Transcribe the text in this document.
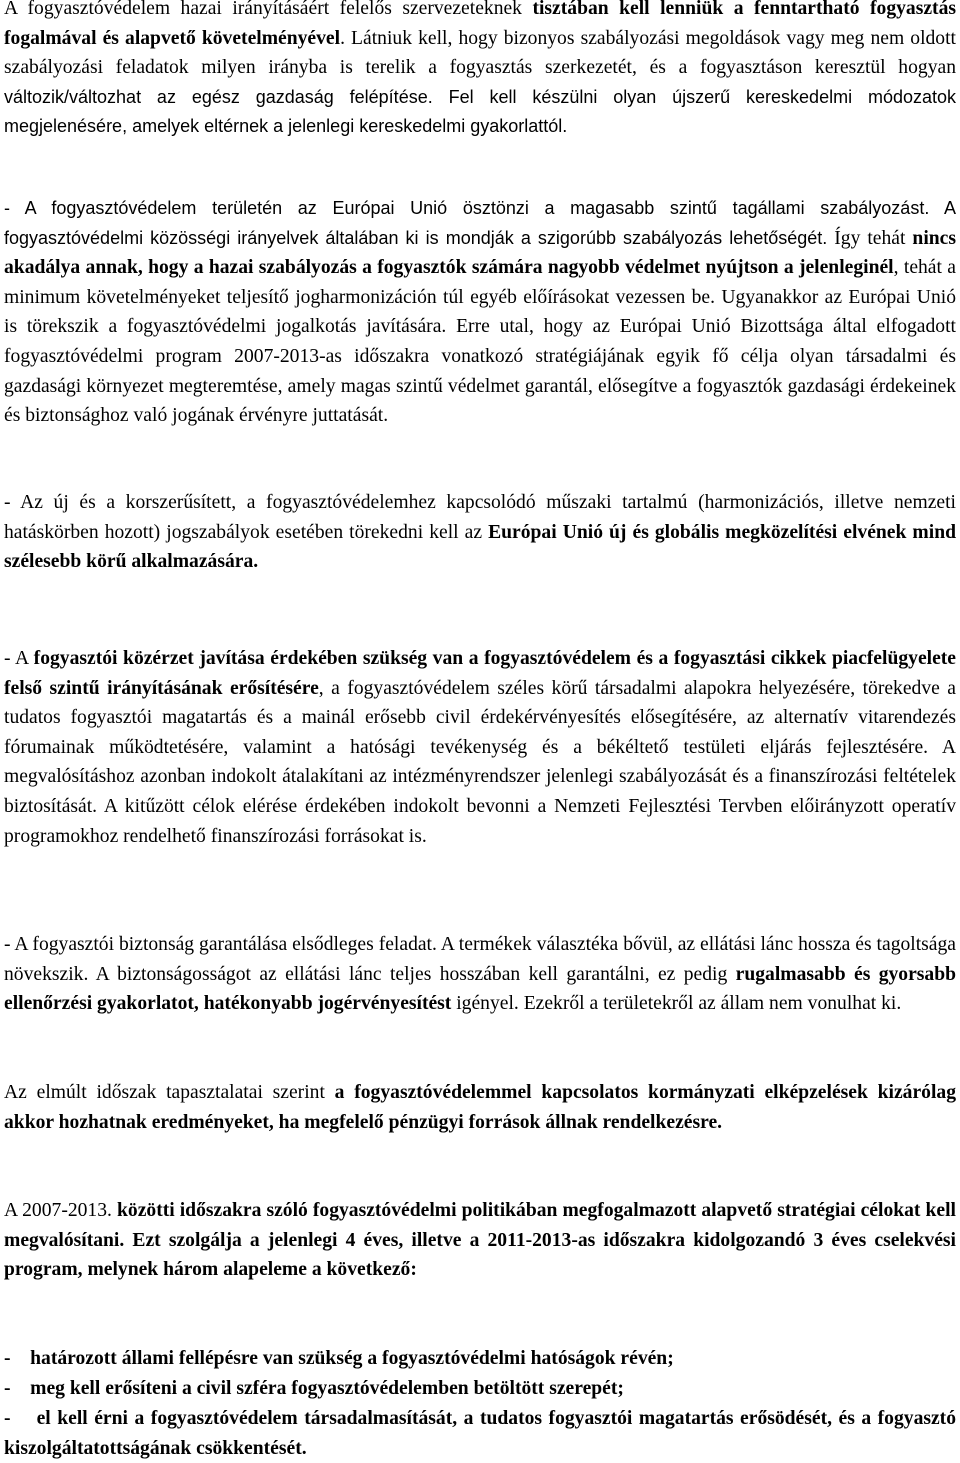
A fogyasztóvédelem hazai irányításáért felelős szervezeteknek tisztában kell lenniük a fenntartható fogyasztás fogalmával és alapvető követelményével. Látniuk kell, hogy bizonyos szabályozási megoldások vagy meg nem oldott szabályozási feladatok milyen irányba is terelik a fogyasztás szerkezetét, és a fogyasztáson keresztül hogyan változik/változhat az egész gazdaság felépítése. Fel kell készülni olyan újszerű kereskedelmi módozatok megjelenésére, amelyek eltérnek a jelenlegi kereskedelmi gyakorlattól.

- A fogyasztóvédelem területén az Európai Unió ösztönzi a magasabb szintű tagállami szabályozást. A fogyasztóvédelmi közösségi irányelvek általában ki is mondják a szigorúbb szabályozás lehetőségét. Így tehát nincs akadálya annak, hogy a hazai szabályozás a fogyasztók számára nagyobb védelmet nyújtson a jelenleginél, tehát a minimum követelményeket teljesítő jogharmonizáción túl egyéb előírásokat vezessen be. Ugyanakkor az Európai Unió is törekszik a fogyasztóvédelmi jogalkotás javítására. Erre utal, hogy az Európai Unió Bizottsága által elfogadott fogyasztóvédelmi program 2007-2013-as időszakra vonatkozó stratégiájának egyik fő célja olyan társadalmi és gazdasági környezet megteremtése, amely magas szintű védelmet garantál, elősegítve a fogyasztók gazdasági érdekeinek és biztonsághoz való jogának érvényre juttatását.

- Az új és a korszerűsített, a fogyasztóvédelemhez kapcsolódó műszaki tartalmú (harmonizációs, illetve nemzeti hatáskörben hozott) jogszabályok esetében törekedni kell az Európai Unió új és globális megközelítési elvének mind szélesebb körű alkalmazására.

- A fogyasztói közérzet javítása érdekében szükség van a fogyasztóvédelem és a fogyasztási cikkek piacfelügyelete felső szintű irányításának erősítésére, a fogyasztóvédelem széles körű társadalmi alapokra helyezésére, törekedve a tudatos fogyasztói magatartás és a mainál erősebb civil érdekérvényesítés elősegítésére, az alternatív vitarendezés fórumainak működtetésére, valamint a hatósági tevékenység és a békéltető testületi eljárás fejlesztésére. A megvalósításhoz azonban indokolt átalakítani az intézményrendszer jelenlegi szabályozását és a finanszírozási feltételek biztosítását. A kitűzött célok elérése érdekében indokolt bevonni a Nemzeti Fejlesztési Tervben előirányzott operatív programokhoz rendelhető finanszírozási forrásokat is.

- A fogyasztói biztonság garantálása elsődleges feladat. A termékek választéka bővül, az ellátási lánc hossza és tagoltsága növekszik. A biztonságosságot az ellátási lánc teljes hosszában kell garantálni, ez pedig rugalmasabb és gyorsabb ellenőrzési gyakorlatot, hatékonyabb jogérvényesítést igényel. Ezekről a területekről az állam nem vonulhat ki.

Az elmúlt időszak tapasztalatai szerint a fogyasztóvédelemmel kapcsolatos kormányzati elképzelések kizárólag akkor hozhatnak eredményeket, ha megfelelő pénzügyi források állnak rendelkezésre.

A 2007-2013. közötti időszakra szóló fogyasztóvédelmi politikában megfogalmazott alapvető stratégiai célokat kell megvalósítani. Ezt szolgálja a jelenlegi 4 éves, illetve a 2011-2013-as időszakra kidolgozandó 3 éves cselekvési program, melynek három alapeleme a következő:

- határozott állami fellépésre van szükség a fogyasztóvédelmi hatóságok révén;
- meg kell erősíteni a civil szféra fogyasztóvédelemben betöltött szerepét;
- el kell érni a fogyasztóvédelem társadalmasítását, a tudatos fogyasztói magatartás erősödését, és a fogyasztó kiszolgáltatottságának csökkentését.
